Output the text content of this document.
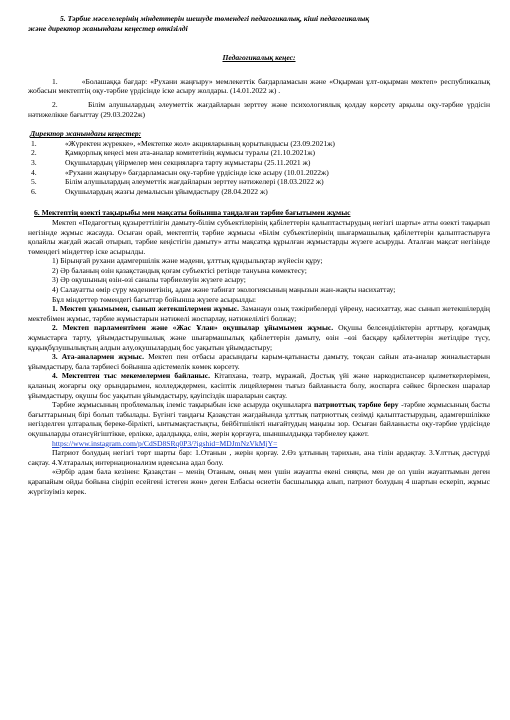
5. Тәрбие мәселелерінің міндеттерін шешуде төмендегі педагогикалық, кіші педагогикалық
және директор жанындағы кеңестер өткізілді
Педагогикалық кеңес:
1.	«Болашаққа бағдар: «Рухани жаңғыру» мемлекеттік бағдарламасын және «Оқырман ұлт-оқырман мектеп» республикалық жобасын мектептің оқу-тәрбие үрдісінде іске асыру жолдары. (14.01.2022 ж) .
2.	Білім алушылардың әлеуметтік жағдайларын зерттеу және психологиялық қолдау көрсету арқылы оқу-тәрбие үрдісін нәтижелікке бағыттау (29.03.2022ж)
Директор жанындағы кеңестер:
1.	«Жүректен жүрекке», «Мектепке жол» акцияларының қорытындысы (23.09.2021ж)
2.	Қамқорлық кеңесі мен ата-аналар комитетінің жұмысы туралы (21.10.2021ж)
3.	Оқушылардың үйірмелер мен секцияларға тарту жұмыстары (25.11.2021 ж)
4.	«Рухани жаңғыру» бағдарламасын оқу-тәрбие үрдісінде іске асыру (10.01.2022ж)
5.	Білім алушылардың әлеуметтік жағдайларын зерттеу нәтижелері (18.03.2022 ж)
6.	Оқушылардың жазғы демалысын ұйымдастыру (28.04.2022 ж)
6. Мектептің өзекті тақырыбы мен мақсаты бойынша таңдалған тәрбие бағытымен жұмыс
Мектеп «Педагогтың құзыреттілігін дамыту-білім субъектілерінің қабілеттерін қалыптастырудың негізгі шарты» атты өзекті тақырып негізінде жұмыс жасауда. Осыған орай, мектептің тәрбие жұмысы «Білім субъектілерінің шығармашылық қабілеттерін қалыптастыруға қолайлы жағдай жасай отырып, тәрбие кеңістігін дамыту» атты мақсатқа құрылған жұмыстарды жүзеге асыруды. Аталған мақсат негізінде төмендегі міндеттер іске асырылды.
1) Бірыңғай рухани адамгершілік және мәдени, ұлттық құндылықтар жүйесін құру;
2) Әр баланың өзін қазақстандық қоғам субъектісі ретінде тануына көмектесу;
3) Әр оқушының өзін-өзі саналы тәрбиелеуін жүзеге асыру;
4) Салауатты өмір сүру мәдениетінің, адам және табиғат экологиясының маңызын жан-жақты насихаттау;
Бұл міндеттер төмендегі бағыттар бойынша жүзеге асырылды:
1. Мектеп ұжымымен, сынып жетекшілермен жұмыс. Заманауи озық тәжірибелерді үйрену, насихаттау, жас сынып жетекшілердің мектебімен жұмыс, тәрбие жұмыстарын нәтижелі жоспарлау, нәтижелілігі болжау;
2. Мектеп парламентімен және «Жас Ұлан» оқушылар ұйымымен жұмыс. Оқушы белсенділіктерін арттыру, қоғамдық жұмыстарға тарту, ұйымдастырушылық және шығармашылық қабілеттерін дамыту, өзін –өзі басқару қабілеттерін жетілдіре түсу, құқықбұзушылықтың алдын алу,оқушылардың бос уақытын ұйымдастыру;
3. Ата-аналармен жұмыс. Мектеп пен отбасы арасындағы карым-қатынасты дамыту, тоқсан сайын ата-аналар жиналыстарын ұйымдастыру, бала тәрбиесі бойынша әдістемелік көмек көрсету.
4. Мектептен тыс мекемелермен байланыс. Кітапхана, театр, мұражай, Достық үйі және наркодиспансер қызметкерлерімен, қаланың жоғарғы оқу орындарымен, колледждермен, кәсіптік лицейлермен тығыз байланыста болу, жоспарға сәйкес бірлескен шаралар ұйымдастыру, оқушы бос уақытын ұйымдастыру, қауіпсіздік шараларын сақтау.
Тәрбие жұмысының проблемалық ілеміс тақырыбын іске асыруда оқушыларға патриоттық тәрбие беру -тәрбие жұмысының басты бағыттарының бірі болып табылады. Бүгінгі таңдағы Қазақстан жағдайында ұлттық патриоттық сезімді қалыптастырудың, адамгершілікке негізделген ұлтаралық береке-бірлікті, ынтымақтастықты, бейбітшілікті нығайтудың маңызы зор. Осыған байланысты оқу-тәрбие үрдісінде оқушыларды отансүйгіштікке, ерлікке, адалдыққа, елін, жерін қорғауға, шыншылдыққа тәрбиелеу қажет.
https://www.instagram.com/p/CdSD8SRq0P3/?igshid=MDJmNzVkMjY=
Патриот болудың негізгі төрт шарты бар: 1.Отанын , жерін қорғау. 2.Өз ұлтының тарихын, ана тілін ардақтау. 3.Ұлттық дәстүрді сақтау. 4.Ұлтаралық интернационализм идеясына адал болу.
«Әрбір адам бала кезінен: Қазақстан – менің Отаным, оның мен үшін жауапты екені сияқты, мен де ол үшін жауаптымын деген қарапайым ойды бойына сіңіріп есейгені істеген жөн» деген Елбасы өсиетін басшылыққа алып, патриот болудың 4 шартын ескеріп, жұмыс жүргізуіміз керек.
